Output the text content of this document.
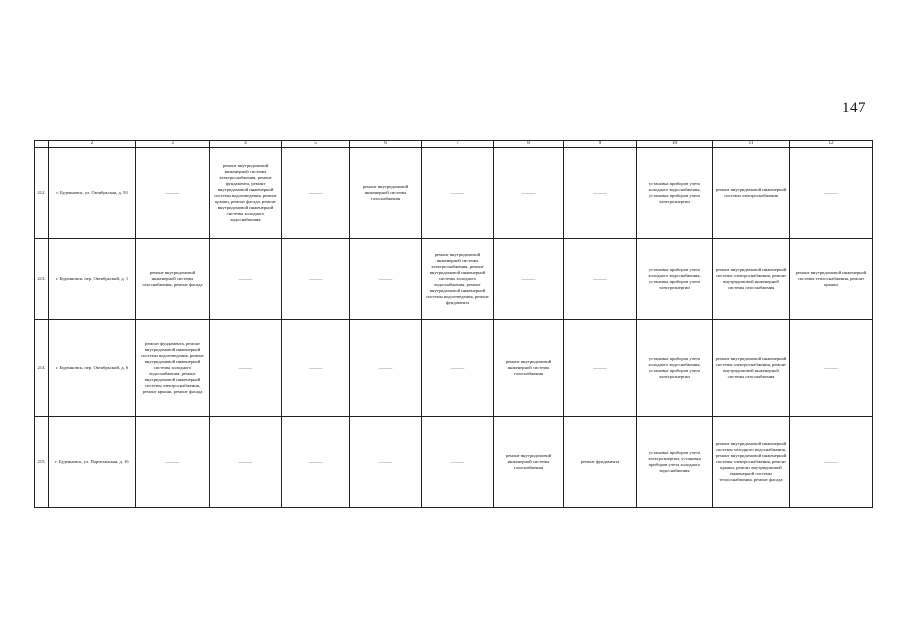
147
	2	3	4	5	6	7	8	9	10	11	12
212.	г. Буденновск, ул. Октябрьская, д. 93	———	ремонт внутридомовой инженерной системы электроснабжения, ремонт фундамента, ремонт внутридомовой инженерной системы водоотведения, ремонт крыши, ремонт фасада, ремонт внутридомовой инженерной системы холодного водоснабжения	———	ремонт внутридомовой инженерной системы газоснабжения	———	———	———	установка приборов учета холодного водоснабжения, установка приборов учета электроэнергии	ремонт внутридомовой инженерной системы электроснабжения	———
213.	г. Буденновск, пер. Октябрьский, д. 1	ремонт внутридомовой инженерной системы газоснабжения, ремонт фасада	———	———	———	ремонт внутридомовой инженерной системы электроснабжения, ремонт внутридомовой инженерной системы холодного водоснабжения, ремонт внутридомовой инженерной системы водоотведения, ремонт фундамента	———	———	установка приборов учета холодного водоснабжения, установка приборов учета электроэнергии	ремонт внутридомовой инженерной системы электроснабжения, ремонт внутридомовой инженерной системы газоснабжения	ремонт внутридомовой инженерной системы теплоснабжения, ремонт крыши
214.	г. Буденновск, пер. Октябрьский, д. 6	ремонт фундамента, ремонт внутридомовой инженерной системы водоотведения, ремонт внутридомовой инженерной системы холодного водоснабжения, ремонт внутридомовой инженерной системы электроснабжения, ремонт крыши, ремонт фасада	———	———	———	———	ремонт внутридомовой инженерной системы газоснабжения	———	установка приборов учета холодного водоснабжения, установка приборов учета электроэнергии	ремонт внутридомовой инженерной системы электроснабжения, ремонт внутридомовой инженерной системы газоснабжения	———
215.	г. Буденновск, ул. Партизанская, д. 16	———	———	———	———	———	ремонт внутридомовой инженерной системы газоснабжения	ремонт фундамента	установка приборов учета электроэнергии, установка приборов учета холодного водоснабжения	ремонт внутридомовой инженерной системы холодного водоснабжения, ремонт внутридомовой инженерной системы электроснабжения, ремонт крыши, ремонт внутридомовой инженерной системы теплоснабжения, ремонт фасада	———
